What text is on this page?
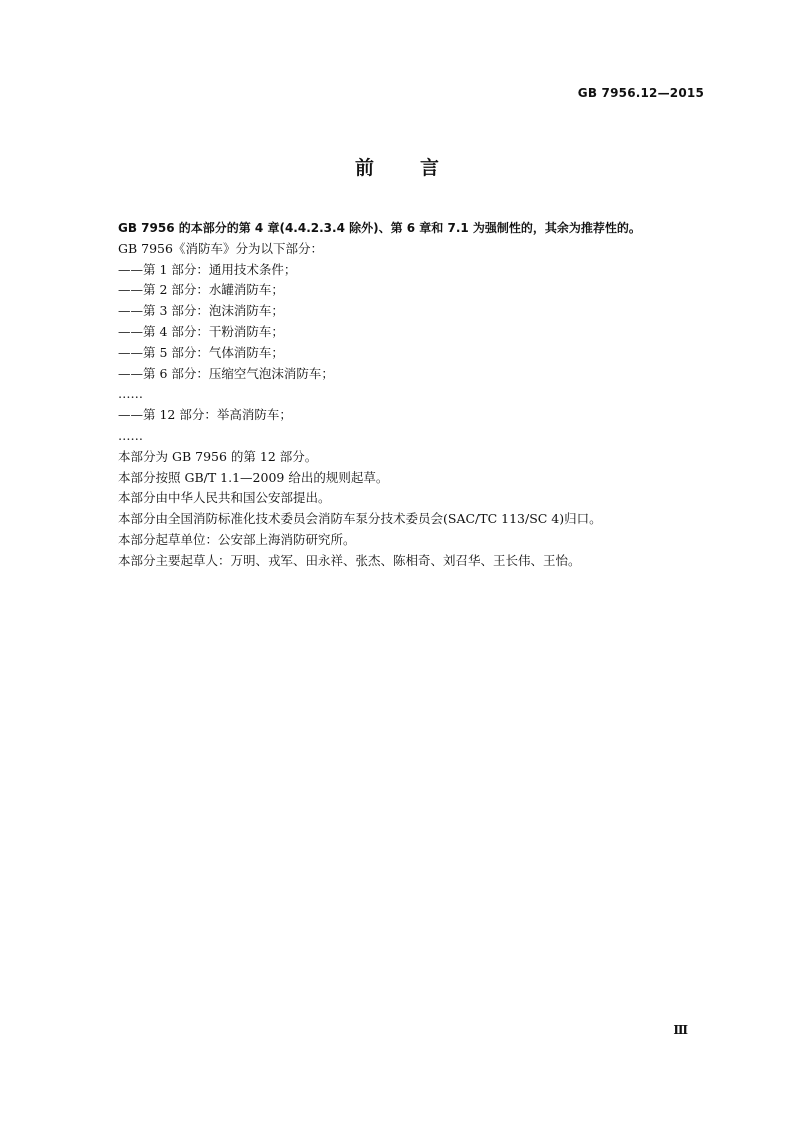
GB 7956.12—2015
前言
GB 7956 的本部分的第 4 章(4.4.2.3.4 除外)、第 6 章和 7.1 为强制性的，其余为推荐性的。
GB 7956《消防车》分为以下部分：
——第 1 部分：通用技术条件；
——第 2 部分：水罐消防车；
——第 3 部分：泡沫消防车；
——第 4 部分：干粉消防车；
——第 5 部分：气体消防车；
——第 6 部分：压缩空气泡沫消防车；
……
——第 12 部分：举高消防车；
……
本部分为 GB 7956 的第 12 部分。
本部分按照 GB/T 1.1—2009 给出的规则起草。
本部分由中华人民共和国公安部提出。
本部分由全国消防标准化技术委员会消防车泵分技术委员会(SAC/TC 113/SC 4)归口。
本部分起草单位：公安部上海消防研究所。
本部分主要起草人：万明、戎军、田永祥、张杰、陈相奇、刘召华、王长伟、王怡。
Ⅲ
